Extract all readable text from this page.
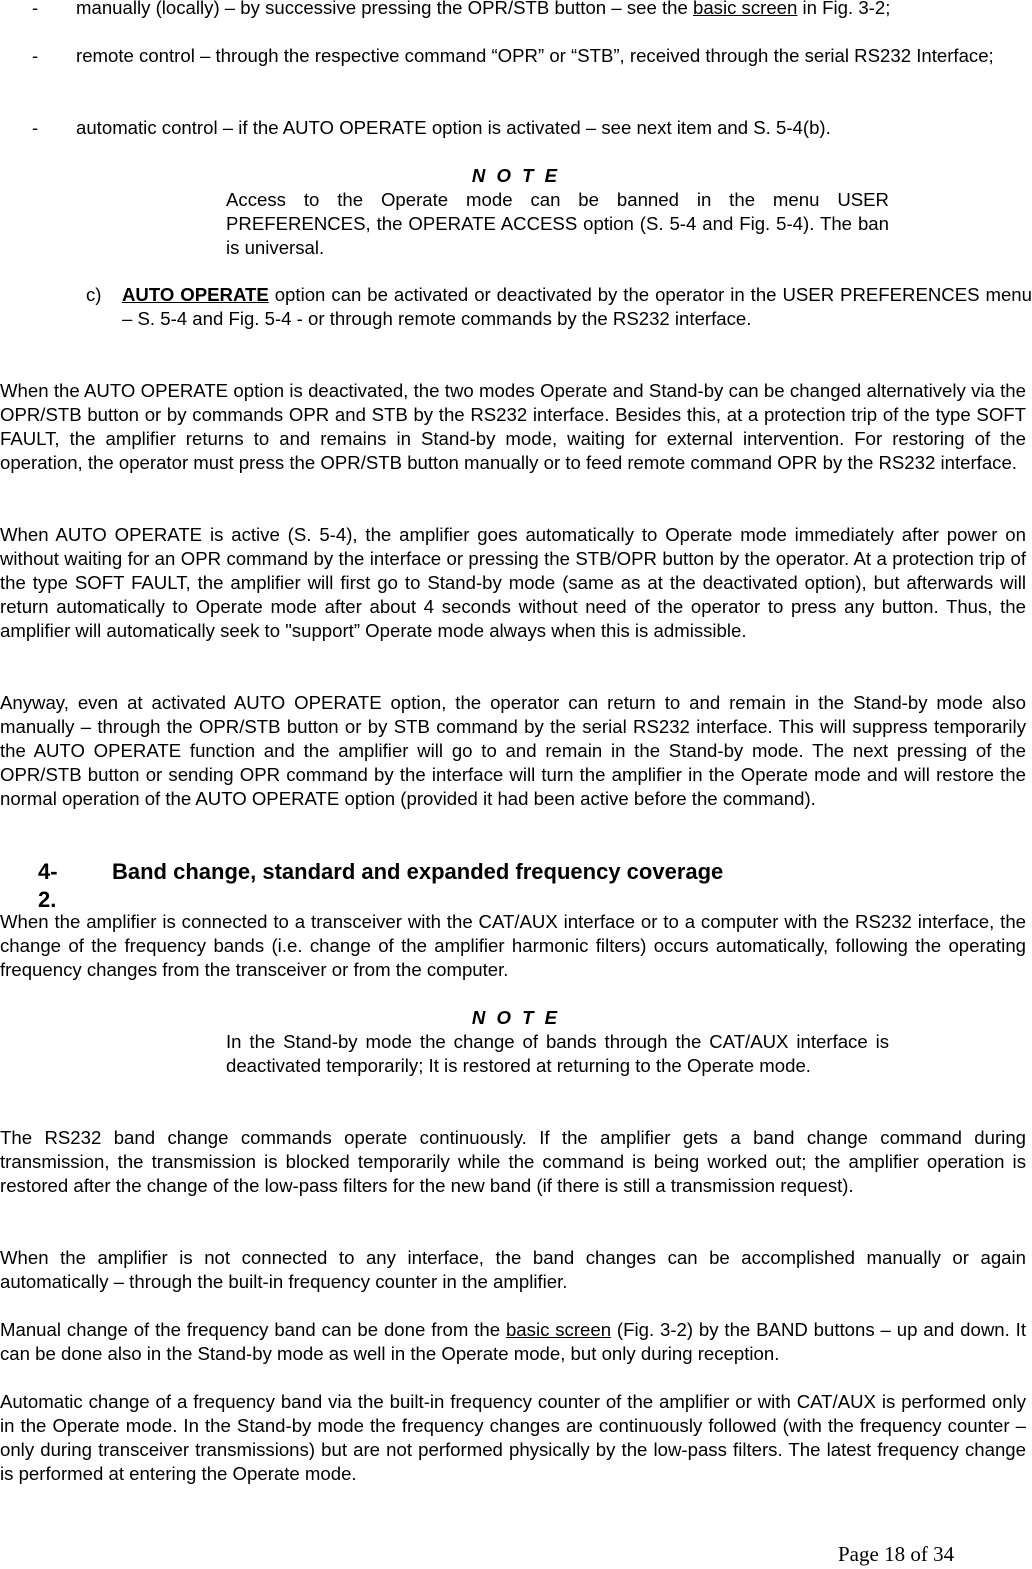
- manually (locally) – by successive pressing the OPR/STB button – see the basic screen in Fig. 3-2;
- remote control – through the respective command “OPR” or “STB”, received through the serial RS232 Interface;
- automatic control – if the AUTO OPERATE option is activated – see next item and S. 5-4(b).
N O T E
Access to the Operate mode can be banned in the menu USER PREFERENCES, the OPERATE ACCESS option (S. 5-4 and Fig. 5-4). The ban is universal.
c) AUTO OPERATE option can be activated or deactivated by the operator in the USER PREFERENCES menu – S. 5-4 and Fig. 5-4 - or through remote commands by the RS232 interface.
When the AUTO OPERATE option is deactivated, the two modes Operate and Stand-by can be changed alternatively via the OPR/STB button or by commands OPR and STB by the RS232 interface. Besides this, at a protection trip of the type SOFT FAULT, the amplifier returns to and remains in Stand-by mode, waiting for external intervention. For restoring of the operation, the operator must press the OPR/STB button manually or to feed remote command OPR by the RS232 interface.
When AUTO OPERATE is active (S. 5-4), the amplifier goes automatically to Operate mode immediately after power on without waiting for an OPR command by the interface or pressing the STB/OPR button by the operator. At a protection trip of the type SOFT FAULT, the amplifier will first go to Stand-by mode (same as at the deactivated option), but afterwards will return automatically to Operate mode after about 4 seconds without need of the operator to press any button. Thus, the amplifier will automatically seek to "support” Operate mode always when this is admissible.
Anyway, even at activated AUTO OPERATE option, the operator can return to and remain in the Stand-by mode also manually – through the OPR/STB button or by STB command by the serial RS232 interface. This will suppress temporarily the AUTO OPERATE function and the amplifier will go to and remain in the Stand-by mode. The next pressing of the OPR/STB button or sending OPR command by the interface will turn the amplifier in the Operate mode and will restore the normal operation of the AUTO OPERATE option (provided it had been active before the command).
4-2.
Band change, standard and expanded frequency coverage
When the amplifier is connected to a transceiver with the CAT/AUX interface or to a computer with the RS232 interface, the change of the frequency bands (i.e. change of the amplifier harmonic filters) occurs automatically, following the operating frequency changes from the transceiver or from the computer.
N O T E
In the Stand-by mode the change of bands through the CAT/AUX interface is deactivated temporarily; It is restored at returning to the Operate mode.
The RS232 band change commands operate continuously. If the amplifier gets a band change command during transmission, the transmission is blocked temporarily while the command is being worked out; the amplifier operation is restored after the change of the low-pass filters for the new band (if there is still a transmission request).
When the amplifier is not connected to any interface, the band changes can be accomplished manually or again automatically – through the built-in frequency counter in the amplifier.
Manual change of the frequency band can be done from the basic screen (Fig. 3-2) by the BAND buttons – up and down. It can be done also in the Stand-by mode as well in the Operate mode, but only during reception.
Automatic change of a frequency band via the built-in frequency counter of the amplifier or with CAT/AUX is performed only in the Operate mode. In the Stand-by mode the frequency changes are continuously followed (with the frequency counter – only during transceiver transmissions) but are not performed physically by the low-pass filters. The latest frequency change is performed at entering the Operate mode.
Page 18 of 34
